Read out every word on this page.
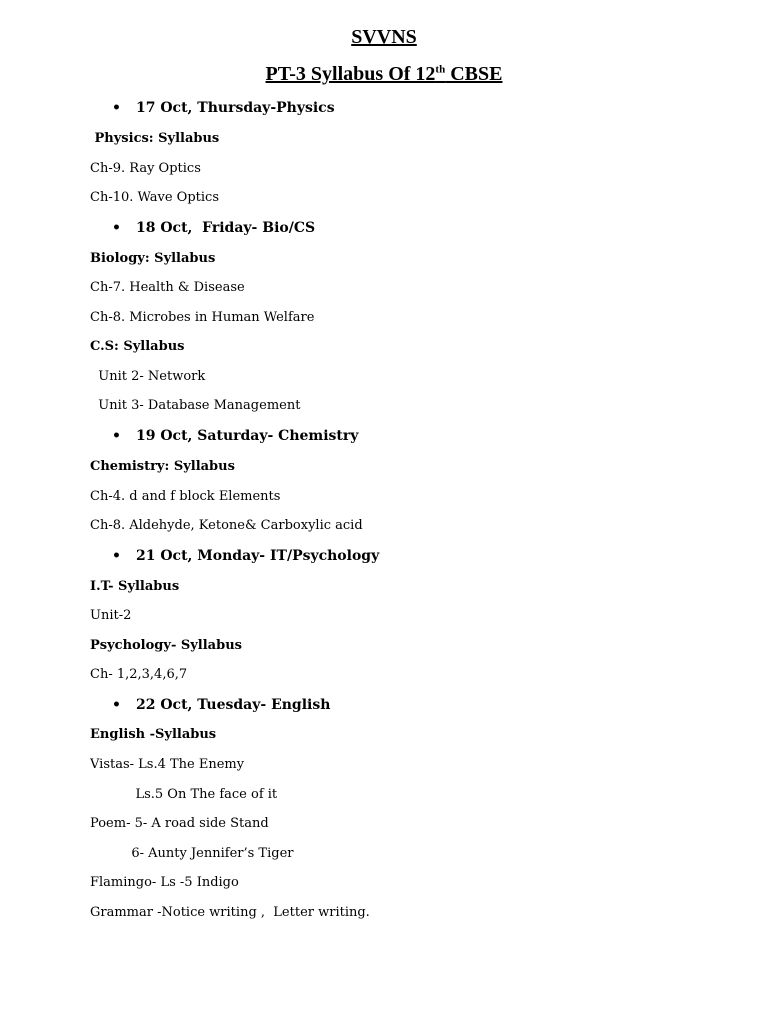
SVVNS
PT-3 Syllabus Of 12th CBSE

•

17 Oct, Thursday-Physics

Physics: Syllabus
Ch-9. Ray Optics
Ch-10. Wave Optics

•

18 Oct,  Friday- Bio/CS

Biology: Syllabus
Ch-7. Health & Disease
Ch-8. Microbes in Human Welfare
C.S: Syllabus
Unit 2- Network
Unit 3- Database Management

•

19 Oct, Saturday- Chemistry

Chemistry: Syllabus
Ch-4. d and f block Elements
Ch-8. Aldehyde, Ketone& Carboxylic acid

•

21 Oct, Monday- IT/Psychology

I.T- Syllabus
Unit-2
Psychology- Syllabus
Ch- 1,2,3,4,6,7

•

22 Oct, Tuesday- English

English -Syllabus
Vistas- Ls.4 The Enemy
Ls.5 On The face of it
Poem- 5- A road side Stand
6- Aunty Jennifer’s Tiger
Flamingo- Ls -5 Indigo
Grammar -Notice writing ,  Letter writing.
